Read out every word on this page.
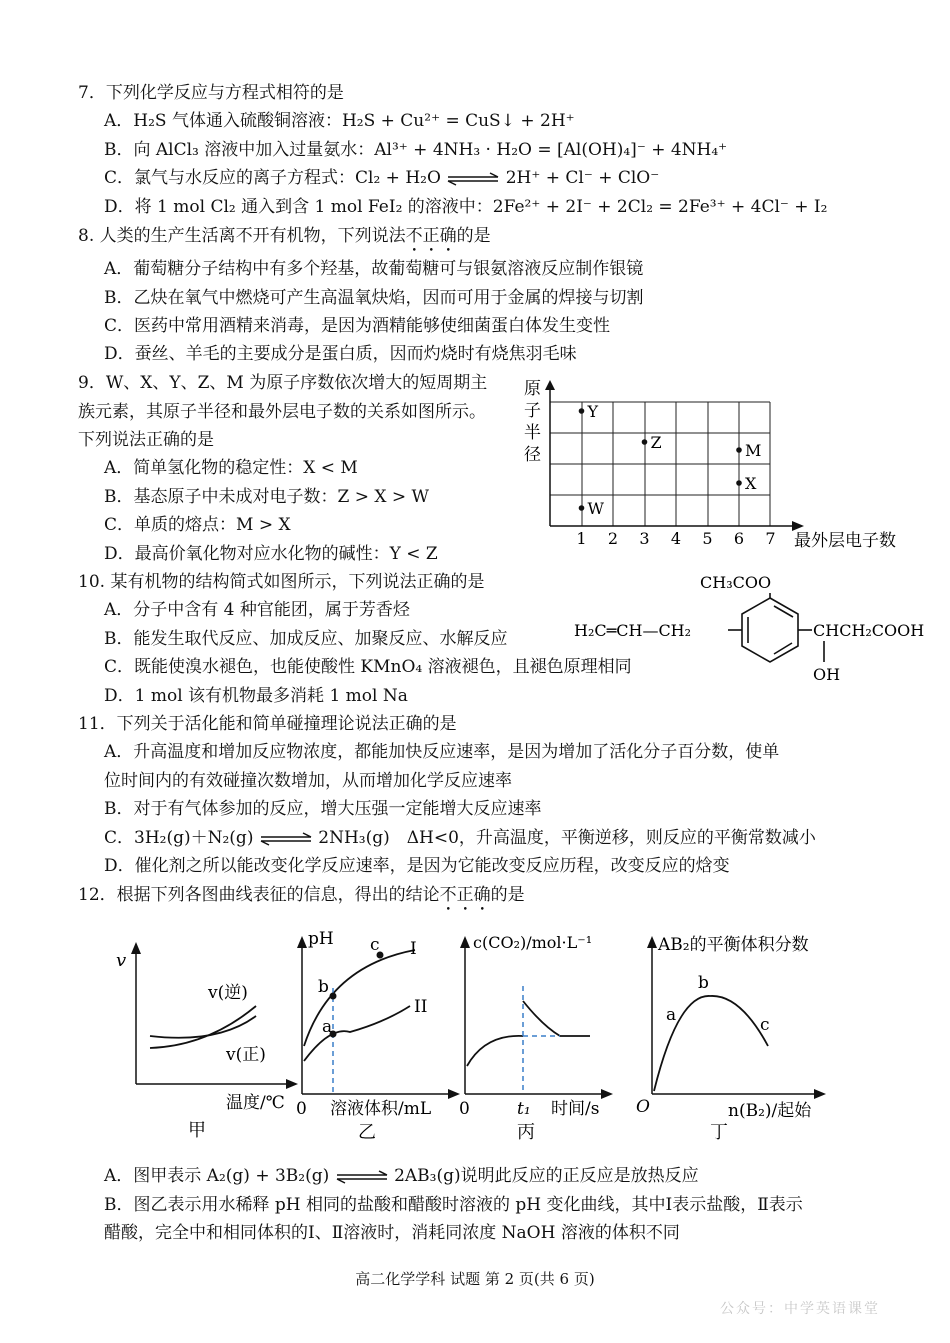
7．下列化学反应与方程式相符的是
A．H₂S 气体通入硫酸铜溶液：H₂S + Cu²⁺ = CuS↓ + 2H⁺
B．向 AlCl₃ 溶液中加入过量氨水：Al³⁺ + 4NH₃ · H₂O = [Al(OH)₄]⁻ + 4NH₄⁺
C．氯气与水反应的离子方程式：Cl₂ + H₂O ⇌ 2H⁺ + Cl⁻ + ClO⁻
D．将 1 mol Cl₂ 通入到含 1 mol FeI₂ 的溶液中：2Fe²⁺ + 2I⁻ + 2Cl₂ = 2Fe³⁺ + 4Cl⁻ + I₂
8. 人类的生产生活离不开有机物，下列说法不正确的是
A．葡萄糖分子结构中有多个羟基，故葡萄糖可与银氨溶液反应制作银镜
B．乙炔在氧气中燃烧可产生高温氧炔焰，因而可用于金属的焊接与切割
C．医药中常用酒精来消毒，是因为酒精能够使细菌蛋白体发生变性
D．蚕丝、羊毛的主要成分是蛋白质，因而灼烧时有烧焦羽毛味
9．W、X、Y、Z、M 为原子序数依次增大的短周期主
族元素，其原子半径和最外层电子数的关系如图所示。
下列说法正确的是
A．简单氢化物的稳定性：X < M
B．基态原子中未成对电子数：Z > X > W
C．单质的熔点：M > X
D．最高价氧化物对应水化物的碱性：Y < Z
原
子
半
径
最外层电子数
1 2 3 4 5 6 7
Y
Z	M
X
W
10. 某有机物的结构简式如图所示，下列说法正确的是
A．分子中含有 4 种官能团，属于芳香烃
B．能发生取代反应、加成反应、加聚反应、水解反应
C．既能使溴水褪色，也能使酸性 KMnO₄ 溶液褪色，且褪色原理相同
D．1 mol 该有机物最多消耗 1 mol Na
CH₃COO
H₂C═CH—CH₂	CHCH₂COOH
OH
11．下列关于活化能和简单碰撞理论说法正确的是
A．升高温度和增加反应物浓度，都能加快反应速率，是因为增加了活化分子百分数，使单
位时间内的有效碰撞次数增加，从而增加化学反应速率
B．对于有气体参加的反应，增大压强一定能增大反应速率
C．3H₂(g)＋N₂(g) ⇌ 2NH₃(g)　ΔH<0，升高温度，平衡逆移，则反应的平衡常数减小
D．催化剂之所以能改变化学反应速率，是因为它能改变反应历程，改变反应的焓变
12．根据下列各图曲线表征的信息，得出的结论不正确的是
v
v(逆)
v(正)
温度/℃
甲
pH c
b
a
I
II
0 溶液体积/mL
乙
c(CO₂)/mol·L⁻¹
0	t₁ 时间/s
丙
AB₂的平衡体积分数
a
b
c
O	n(B₂)/起始
丁
A．图甲表示 A₂(g) + 3B₂(g) ⇌ 2AB₃(g)说明此反应的正反应是放热反应
B．图乙表示用水稀释 pH 相同的盐酸和醋酸时溶液的 pH 变化曲线，其中Ⅰ表示盐酸，Ⅱ表示
醋酸，完全中和相同体积的Ⅰ、Ⅱ溶液时，消耗同浓度 NaOH 溶液的体积不同
高二化学学科 试题 第 2 页(共 6 页)
公众号：中学英语课堂
